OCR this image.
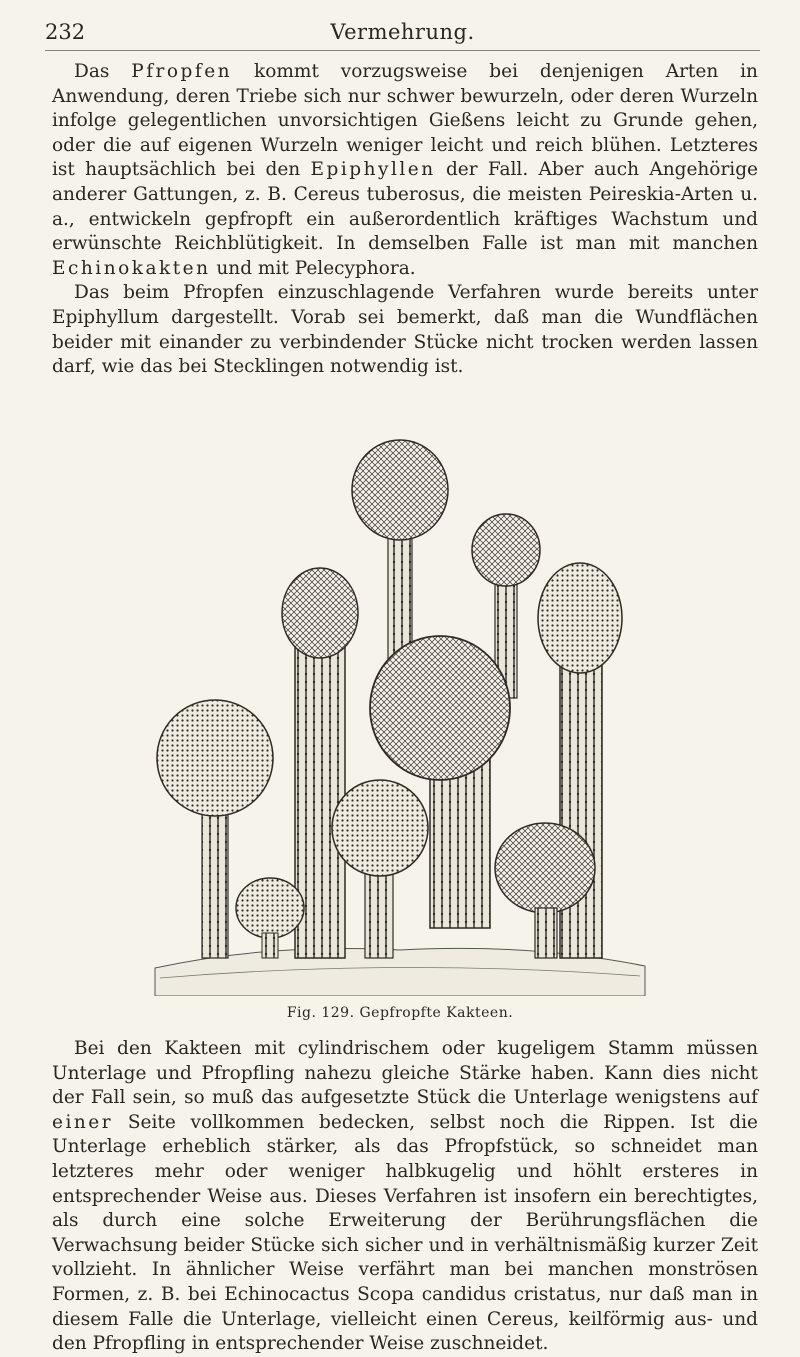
232	Vermehrung.

Das Pfropfen kommt vorzugsweise bei denjenigen Arten in Anwendung, deren Triebe sich nur schwer bewurzeln, oder deren Wurzeln infolge gelegentlichen unvorsichtigen Gießens leicht zu Grunde gehen, oder die auf eigenen Wurzeln weniger leicht und reich blühen. Letzteres ist hauptsächlich bei den Epiphyllen der Fall. Aber auch Angehörige anderer Gattungen, z. B. Cereus tuberosus, die meisten Peireskia-Arten u. a., entwickeln gepfropft ein außerordentlich kräftiges Wachstum und erwünschte Reichblütigkeit. In demselben Falle ist man mit manchen Echinokakten und mit Pelecyphora.

Das beim Pfropfen einzuschlagende Verfahren wurde bereits unter Epiphyllum dargestellt. Vorab sei bemerkt, daß man die Wundflächen beider mit einander zu verbindender Stücke nicht trocken werden lassen darf, wie das bei Stecklingen notwendig ist.

Fig. 129. Gepfropfte Kakteen.

Bei den Kakteen mit cylindrischem oder kugeligem Stamm müssen Unterlage und Pfropfling nahezu gleiche Stärke haben. Kann dies nicht der Fall sein, so muß das aufgesetzte Stück die Unterlage wenigstens auf einer Seite vollkommen bedecken, selbst noch die Rippen. Ist die Unterlage erheblich stärker, als das Pfropfstück, so schneidet man letzteres mehr oder weniger halbkugelig und höhlt ersteres in entsprechender Weise aus. Dieses Verfahren ist insofern ein berechtigtes, als durch eine solche Erweiterung der Berührungsflächen die Verwachsung beider Stücke sich sicher und in verhältnismäßig kurzer Zeit vollzieht. In ähnlicher Weise verfährt man bei manchen monströsen Formen, z. B. bei Echinocactus Scopa candidus cristatus, nur daß man in diesem Falle die Unterlage, vielleicht einen Cereus, keilförmig aus- und den Pfropfling in entsprechender Weise zuschneidet.
